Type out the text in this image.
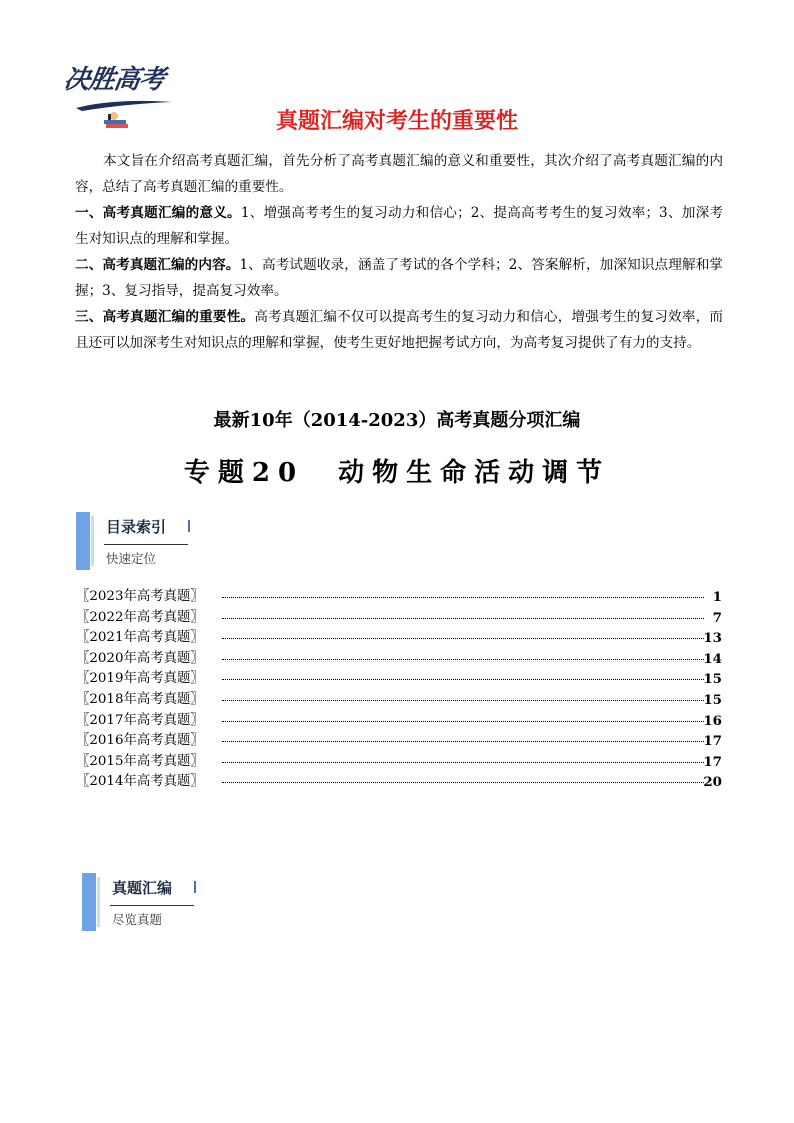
决胜高考
真题汇编对考生的重要性

本文旨在介绍高考真题汇编，首先分析了高考真题汇编的意义和重要性，其次介绍了高考真题汇编的内容，总结了高考真题汇编的重要性。

一、高考真题汇编的意义。1、增强高考考生的复习动力和信心；2、提高高考考生的复习效率；3、加深考生对知识点的理解和掌握。

二、高考真题汇编的内容。1、高考试题收录，涵盖了考试的各个学科；2、答案解析，加深知识点理解和掌握；3、复习指导，提高复习效率。

三、高考真题汇编的重要性。高考真题汇编不仅可以提高考生的复习动力和信心，增强考生的复习效率，而且还可以加深考生对知识点的理解和掌握，使考生更好地把握考试方向，为高考复习提供了有力的支持。

最新10年（2014-2023）高考真题分项汇编
专题20　动物生命活动调节
目录索引
快速定位
〖2023年高考真题〗	1
〖2022年高考真题〗	7
〖2021年高考真题〗	13
〖2020年高考真题〗	14
〖2019年高考真题〗	15
〖2018年高考真题〗	15
〖2017年高考真题〗	16
〖2016年高考真题〗	17
〖2015年高考真题〗	17
〖2014年高考真题〗	20
真题汇编
尽览真题
